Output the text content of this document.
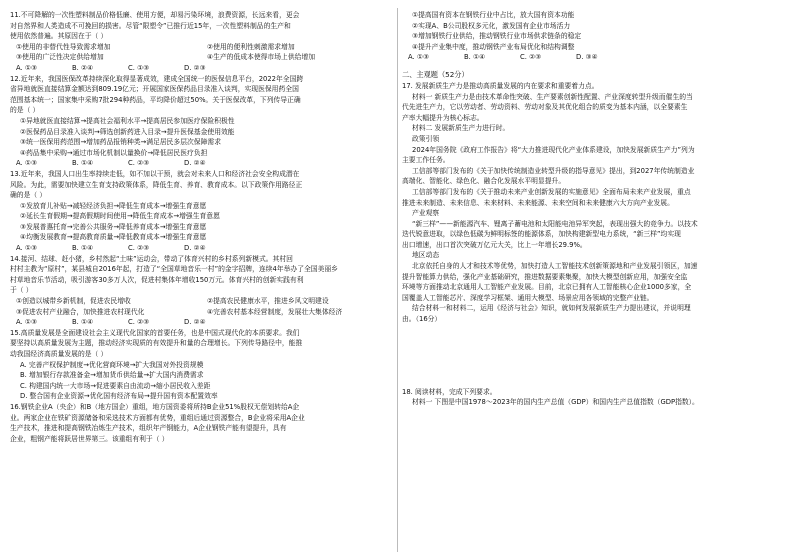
11.不可降解的一次性塑料制品价格低廉、使用方便，却易污染环境，浪费资源，长远来看，更会
对自然界和人类造成不可挽回的损害。尽管“限塑令”已推行近15年，一次性塑料制品的生产和
使用依然普遍。其原因在于（ ）
①使用的非替代性导致需求增加	②使用的便利性刺激需求增加
③使用的广泛性决定供给增加	④生产的低成本使得市场上供给增加
A. ①③	B. ②④	C. ①③	D. ②③
12.近年来，我国医保改革持续深化取得显著成效，建成全国统一的医保信息平台，2022年全国跨
省异地就医直接结算金额达到809.19亿元；开展国家医保药品目录准入谈判，实现医保用药全国
范围基本统一；国家集中采购7批294种药品，平均降价超过50%。关于医保改革，下列传导正确
的是（ ）
①异地就医直接结算→提高社会福利水平→提高居民参加医疗保险积极性
②医保药品目录准入谈判→筛选创新药进入目录→提升医保基金使用效能
③统一医保用药范围→增加药品报销种类→满足居民多层次保障需求
④药品集中采购→通过市场化机制以量换价→降低居民医疗负担
A. ①③	B. ①④	C. ②③	D. ②④
13.近年来，我国人口出生率持续走低，如不加以干预，就会对未来人口和经济社会安全构成潜在
风险。为此，需要加快建立生育支持政策体系，降低生育、养育、教育成本。以下政策作用路径正
确的是（ ）
①发放育儿补贴→减轻经济负担→降低生育成本→增强生育意愿
②延长生育假期→提高假期时间使用→降低生育成本→增强生育意愿
③发展普惠托育→完善公共服务→降低养育成本→增强生育意愿
④均衡发展教育→提高教育质量→降低教育成本→增强生育意愿
A. ①③	B. ①④	C. ②③	D. ②④
14.接河、结球、赶小猪，乡村然起“土味”运动会，带动了体育兴村的乡村系列新模式。其村回
村村主教为“原村”，某县城自2016年起，打造了“全国草地音乐一村”的金字招牌，连续4年举办了全国美丽乡
村草地音乐节活动，吸引游客30多万人次，促进村集体年增收150万元。体育兴村的创新实践有利
于（ ）
①创造以城带乡新机制，促进农民增收	②提高农民健康水平，推进乡风文明建设
③促进农村产业融合，加快推进农村现代化	④完善农村基本经营制度，发展壮大集体经济
A. ①③	B. ①④	C. ②③	D. ②④
15.高质量发展是全面建设社会主义现代化国家的首要任务，也是中国式现代化的本质要求。我们
要坚持以高质量发展为主题，推动经济实现质的有效提升和量的合理增长。下列传导路径中，能推
动我国经济高质量发展的是（ ）
A. 完善产权保护制度→优化营商环境→扩大我国对外投资规模
B. 增加银行存款准备金→增加货币供给量→扩大国内消费需求
C. 构建国内统一大市场→促进要素自由流动→缩小居民收入差距
D. 整合国有企业资源→优化国有经济布局→提升国有资本配置效率
16.钢铁企业A（央企）和B（地方国企）重组，地方国资委将所持B企业51%股权无偿划转给A企
业。两家企业在铁矿资源储备和采选技术方面都有优势，重组后通过资源整合，B企业将采用A企业
生产技术，推进和提高钢铁冶炼生产技术，组织年产钢能力，A企业钢铁产能有望提升，具有
企业，粗钢产能将跃居世界第三。该重组有利于（ ）
①提高国有资本在钢铁行业中占比，放大国有资本功能
②实现A、B公司股权多元化，激发国有企业市场活力
③增加钢铁行业供给，推动钢铁行业市场供求链条的稳定
④提升产业集中度，推动钢铁产业布局优化和结构调整
A. ①③	B. ①④	C. ②③	D. ③④
二、主观题（52分）
17. 发展新质生产力是推动高质量发展的内在要求和重要着力点。
材料一 新质生产力是由技术革命性突破、生产要素创新性配置、产业深度转型升级而催生的当
代先进生产力，它以劳动者、劳动资料、劳动对象及其优化组合的质变为基本内涵，以全要素生
产率大幅提升为核心标志。
材料二 发展新质生产力进行时。
政策引领
2024年国务院《政府工作报告》将“大力推进现代化产业体系建设，加快发展新质生产力”列为
主要工作任务。
工信部等部门发布的《关于加快传统制造业转型升级的指导意见》提出，到2027年传统制造业
高端化、智能化、绿色化、融合化发展水平明显提升。
工信部等部门发布的《关于推动未来产业创新发展的实施意见》全面布局未来产业发展，重点
推进未来制造、未来信息、未来材料、未来能源、未来空间和未来健康六大方向产业发展。
产业观察
“新三样”——新能源汽车、锂离子蓄电池和太阳能电池异军突起，表现出强大的竞争力。以技术
迭代锐意进取，以绿色低碳为鲜明标签的能源体系，加快构建新型电力系统，“新三样”均实现
出口增速，出口首次突破万亿元大关，比上一年增长29.9%。
地区动态
北京依托自身的人才和技术等优势，加快打造人工智能技术创新策源地和产业发展引领区，加速
提升智能算力供给，强化产业基础研究，推进数据要素集聚，加快大模型创新应用，加强安全监
环境等方面推动北京通用人工智能产业发展。目前，北京已拥有人工智能核心企业1000多家，全
国覆盖人工智能芯片、深度学习框架、通用大模型、场景应用各领域的完整产业链。
结合材料一和材料二，运用《经济与社会》知识，就如何发展新质生产力提出建议，并说明理
由。（16分）
18. 阅读材料，完成下列要求。
材料一 下图是中国1978～2023年的国内生产总值（GDP）和国内生产总值指数（GDP指数）。
